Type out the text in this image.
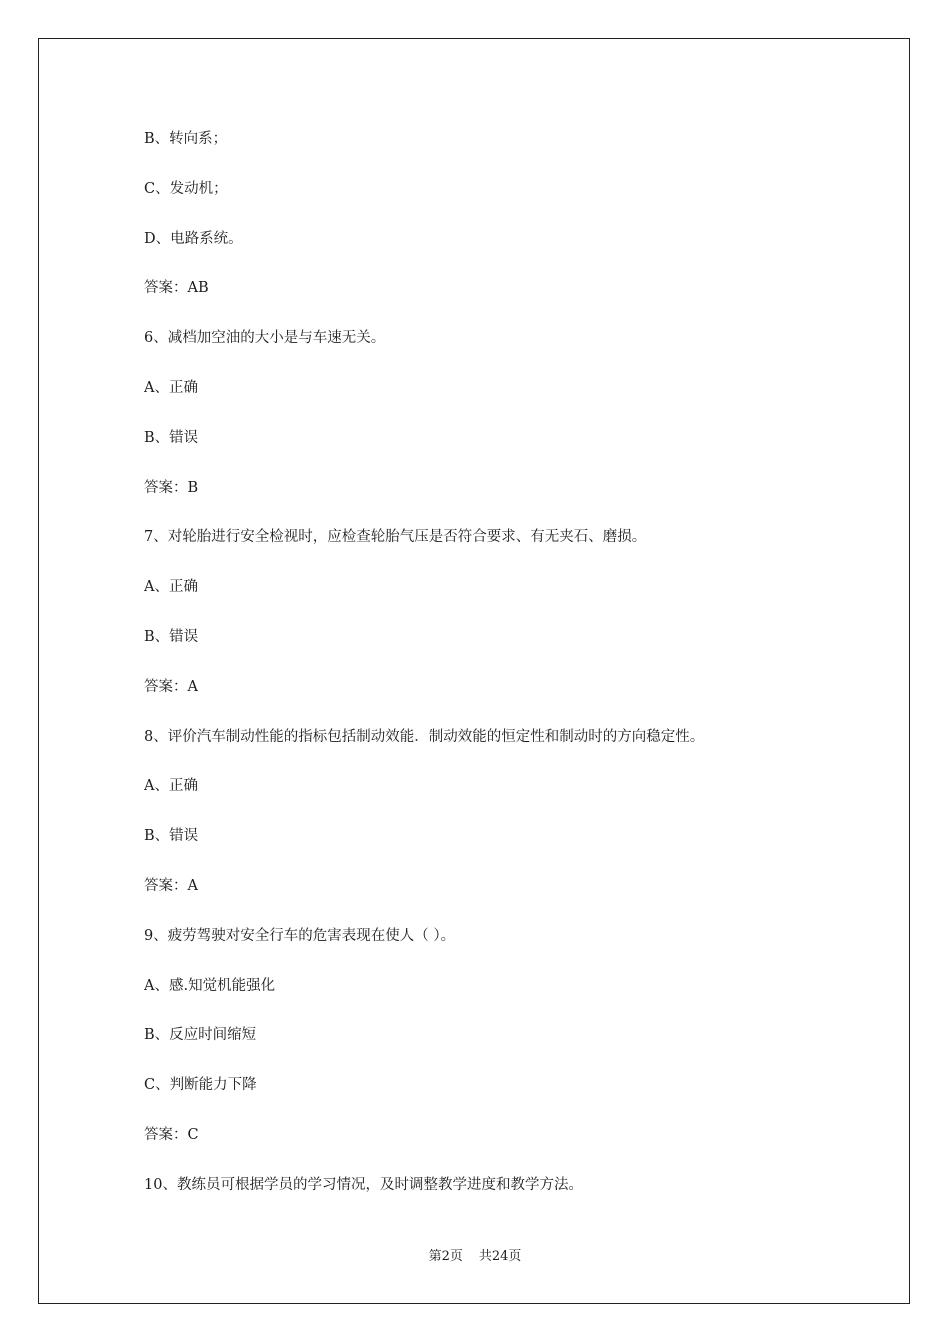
B、转向系；
C、发动机；
D、电路系统。
答案：AB
6、减档加空油的大小是与车速无关。
A、正确
B、错误
答案：B
7、对轮胎进行安全检视时，应检查轮胎气压是否符合要求、有无夹石、磨损。
A、正确
B、错误
答案：A
8、评价汽车制动性能的指标包括制动效能．制动效能的恒定性和制动时的方向稳定性。
A、正确
B、错误
答案：A
9、疲劳驾驶对安全行车的危害表现在使人（ ）。
A、感.知觉机能强化
B、反应时间缩短
C、判断能力下降
答案：C
10、教练员可根据学员的学习情况，及时调整教学进度和教学方法。
第2页 共24页
